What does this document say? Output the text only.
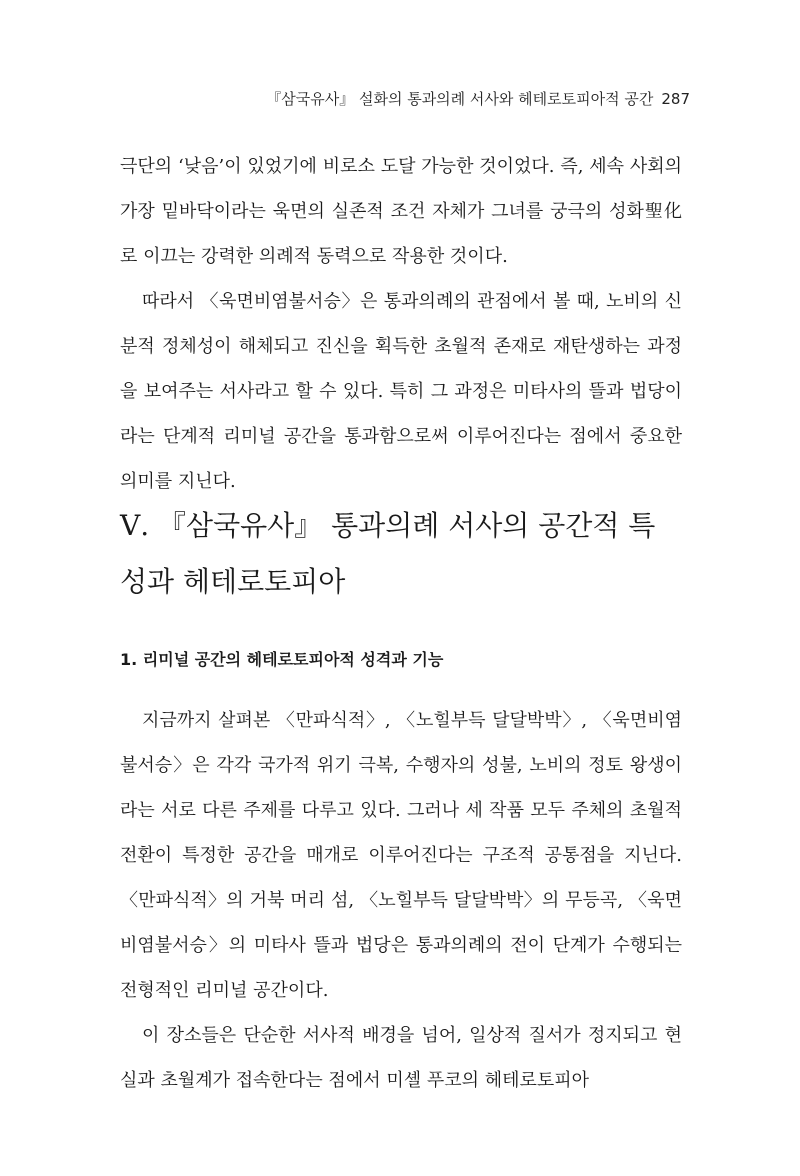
『삼국유사』 설화의 통과의례 서사와 헤테로토피아적 공간 287

극단의 ‘낮음’이 있었기에 비로소 도달 가능한 것이었다. 즉, 세속 사회의 가장 밑바닥이라는 욱면의 실존적 조건 자체가 그녀를 궁극의 성화聖化로 이끄는 강력한 의례적 동력으로 작용한 것이다.

따라서 〈욱면비염불서승〉은 통과의례의 관점에서 볼 때, 노비의 신분적 정체성이 해체되고 진신을 획득한 초월적 존재로 재탄생하는 과정을 보여주는 서사라고 할 수 있다. 특히 그 과정은 미타사의 뜰과 법당이라는 단계적 리미널 공간을 통과함으로써 이루어진다는 점에서 중요한 의미를 지닌다.

Ⅴ. 『삼국유사』 통과의례 서사의 공간적 특성과 헤테로토피아
1. 리미널 공간의 헤테로토피아적 성격과 기능

지금까지 살펴본 〈만파식적〉, 〈노힐부득 달달박박〉, 〈욱면비염불서승〉은 각각 국가적 위기 극복, 수행자의 성불, 노비의 정토 왕생이라는 서로 다른 주제를 다루고 있다. 그러나 세 작품 모두 주체의 초월적 전환이 특정한 공간을 매개로 이루어진다는 구조적 공통점을 지닌다. 〈만파식적〉의 거북 머리 섬, 〈노힐부득 달달박박〉의 무등곡, 〈욱면비염불서승〉의 미타사 뜰과 법당은 통과의례의 전이 단계가 수행되는 전형적인 리미널 공간이다.

이 장소들은 단순한 서사적 배경을 넘어, 일상적 질서가 정지되고 현실과 초월계가 접속한다는 점에서 미셸 푸코의 헤테로토피아
